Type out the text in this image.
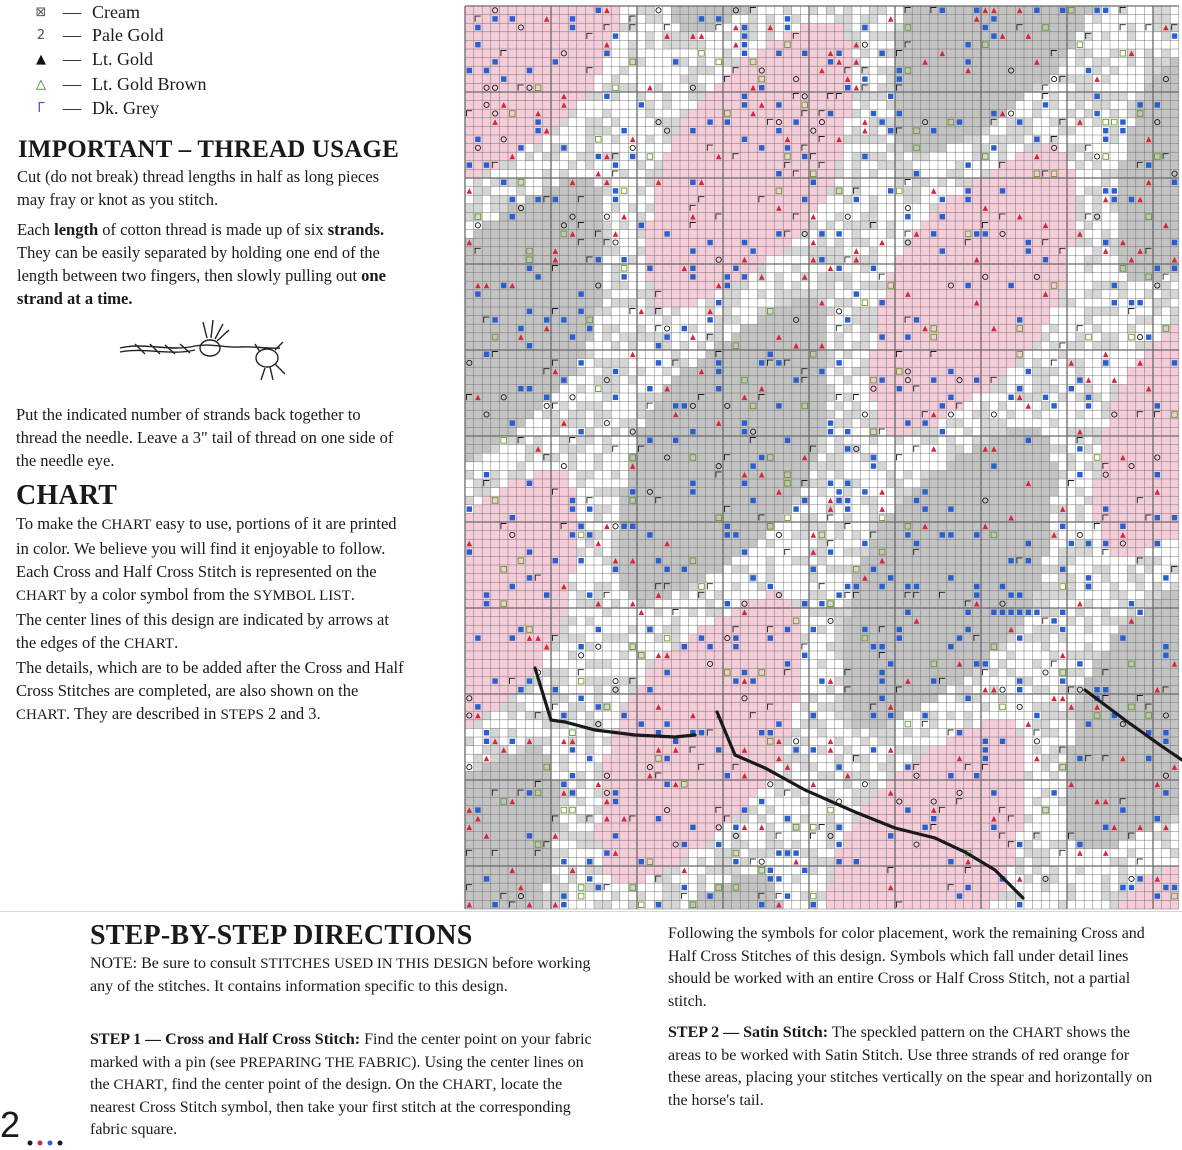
⊠ — Cream
2 — Pale Gold
▲ — Lt. Gold
△ — Lt. Gold Brown
Γ	— Dk. Grey
IMPORTANT – THREAD USAGE
Cut (do not break) thread lengths in half as long pieces may fray or knot as you stitch.
Each length of cotton thread is made up of six strands. They can be easily separated by holding one end of the length between two fingers, then slowly pulling out one strand at a time.
Put the indicated number of strands back together to thread the needle. Leave a 3" tail of thread on one side of the needle eye.
CHART
To make the CHART easy to use, portions of it are printed in color. We believe you will find it enjoyable to follow.
Each Cross and Half Cross Stitch is represented on the CHART by a color symbol from the SYMBOL LIST.
The center lines of this design are indicated by arrows at the edges of the CHART.
The details, which are to be added after the Cross and Half Cross Stitches are completed, are also shown on the CHART. They are described in STEPS 2 and 3.
STEP-BY-STEP DIRECTIONS
NOTE: Be sure to consult STITCHES USED IN THIS DESIGN before working any of the stitches. It contains information specific to this design.
STEP 1 — Cross and Half Cross Stitch: Find the center point on your fabric marked with a pin (see PREPARING THE FABRIC). Using the center lines on the CHART, find the center point of the design. On the CHART, locate the nearest Cross Stitch symbol, then take your first stitch at the corresponding fabric square.
Following the symbols for color placement, work the remaining Cross and Half Cross Stitches of this design. Symbols which fall under detail lines should be worked with an entire Cross or Half Cross Stitch, not a partial stitch.
STEP 2 — Satin Stitch: The speckled pattern on the CHART shows the areas to be worked with Satin Stitch. Use three strands of red orange for these areas, placing your stitches vertically on the spear and horizontally on the horse's tail.
2
